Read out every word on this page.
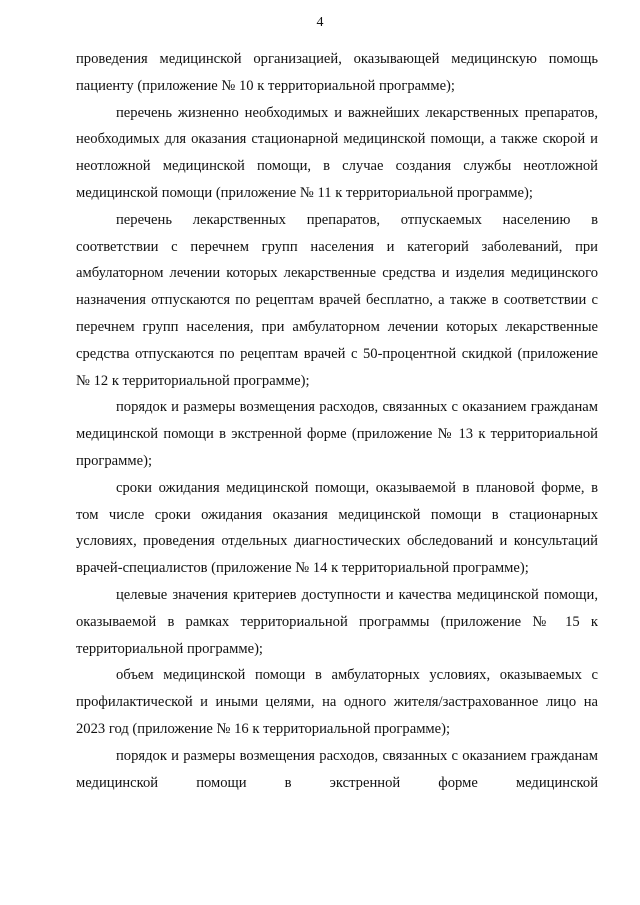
4

проведения медицинской организацией, оказывающей медицинскую помощь пациенту (приложение № 10 к территориальной программе);

перечень жизненно необходимых и важнейших лекарственных препаратов, необходимых для оказания стационарной медицинской помощи, а также скорой и неотложной медицинской помощи, в случае создания службы неотложной медицинской помощи (приложение № 11 к территориальной программе);

перечень лекарственных препаратов, отпускаемых населению в соответствии с перечнем групп населения и категорий заболеваний, при амбулаторном лечении которых лекарственные средства и изделия медицинского назначения отпускаются по рецептам врачей бесплатно, а также в соответствии с перечнем групп населения, при амбулаторном лечении которых лекарственные средства отпускаются по рецептам врачей с 50-процентной скидкой (приложение № 12 к территориальной программе);

порядок и размеры возмещения расходов, связанных с оказанием гражданам медицинской помощи в экстренной форме (приложение № 13 к территориальной программе);

сроки ожидания медицинской помощи, оказываемой в плановой форме, в том числе сроки ожидания оказания медицинской помощи в стационарных условиях, проведения отдельных диагностических обследований и консультаций врачей-специалистов (приложение № 14 к территориальной программе);

целевые значения критериев доступности и качества медицинской помощи, оказываемой в рамках территориальной программы (приложение № 15 к территориальной программе);

объем медицинской помощи в амбулаторных условиях, оказываемых с профилактической и иными целями, на одного жителя/застрахованное лицо на 2023 год (приложение № 16 к территориальной программе);

порядок и размеры возмещения расходов, связанных с оказанием гражданам медицинской помощи в экстренной форме медицинской
